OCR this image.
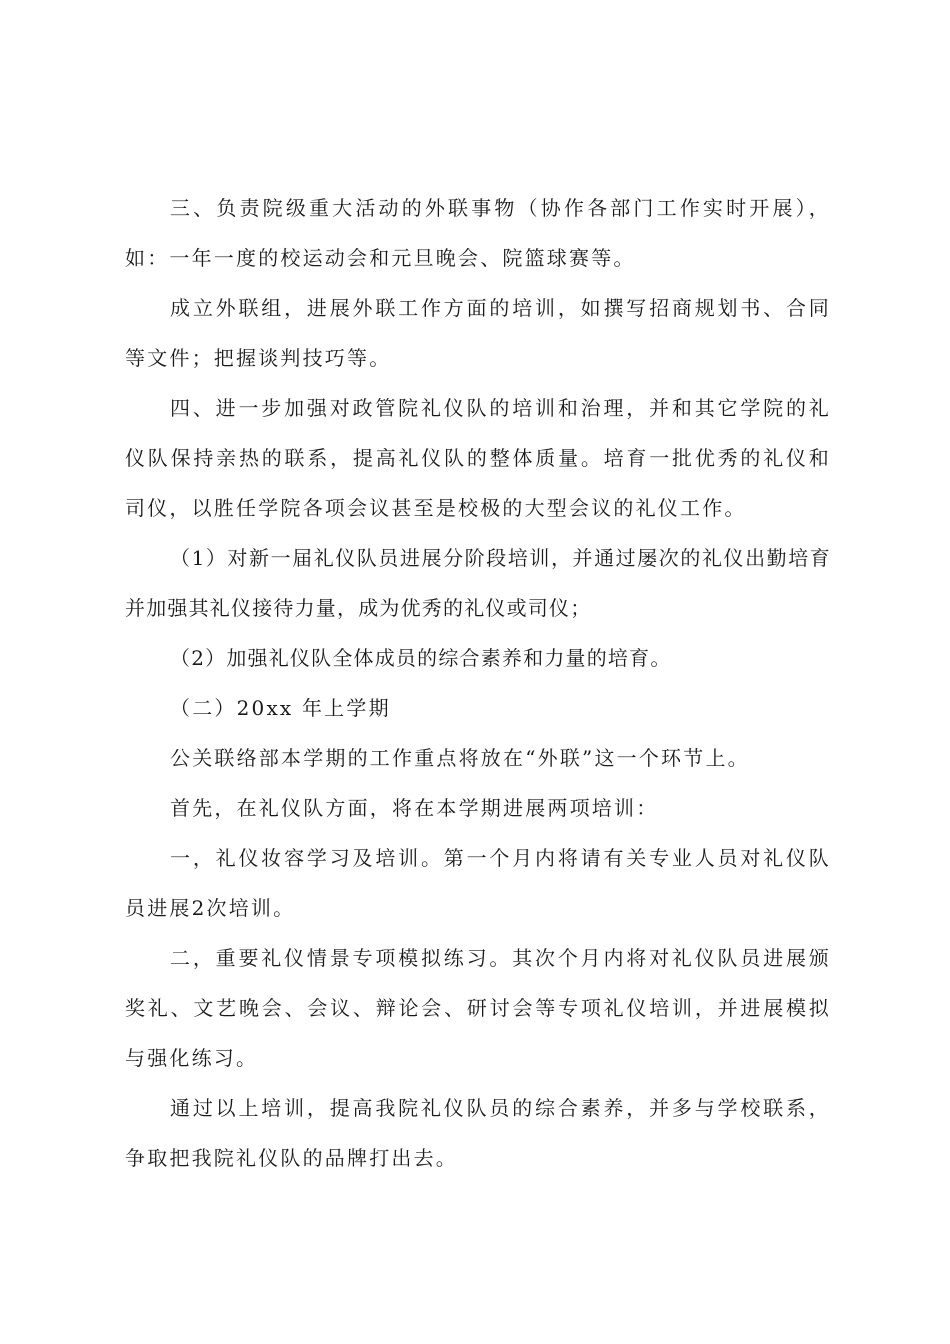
三、负责院级重大活动的外联事物（协作各部门工作实时开展），如：一年一度的校运动会和元旦晚会、院篮球赛等。

成立外联组，进展外联工作方面的培训，如撰写招商规划书、合同等文件；把握谈判技巧等。

四、进一步加强对政管院礼仪队的培训和治理，并和其它学院的礼仪队保持亲热的联系，提高礼仪队的整体质量。培育一批优秀的礼仪和司仪，以胜任学院各项会议甚至是校极的大型会议的礼仪工作。

（1）对新一届礼仪队员进展分阶段培训，并通过屡次的礼仪出勤培育并加强其礼仪接待力量，成为优秀的礼仪或司仪；

（2）加强礼仪队全体成员的综合素养和力量的培育。

（二）20xx 年上学期

公关联络部本学期的工作重点将放在“外联”这一个环节上。

首先，在礼仪队方面，将在本学期进展两项培训：

一，礼仪妆容学习及培训。第一个月内将请有关专业人员对礼仪队员进展2次培训。

二，重要礼仪情景专项模拟练习。其次个月内将对礼仪队员进展颁奖礼、文艺晚会、会议、辩论会、研讨会等专项礼仪培训，并进展模拟与强化练习。

通过以上培训，提高我院礼仪队员的综合素养，并多与学校联系，争取把我院礼仪队的品牌打出去。
